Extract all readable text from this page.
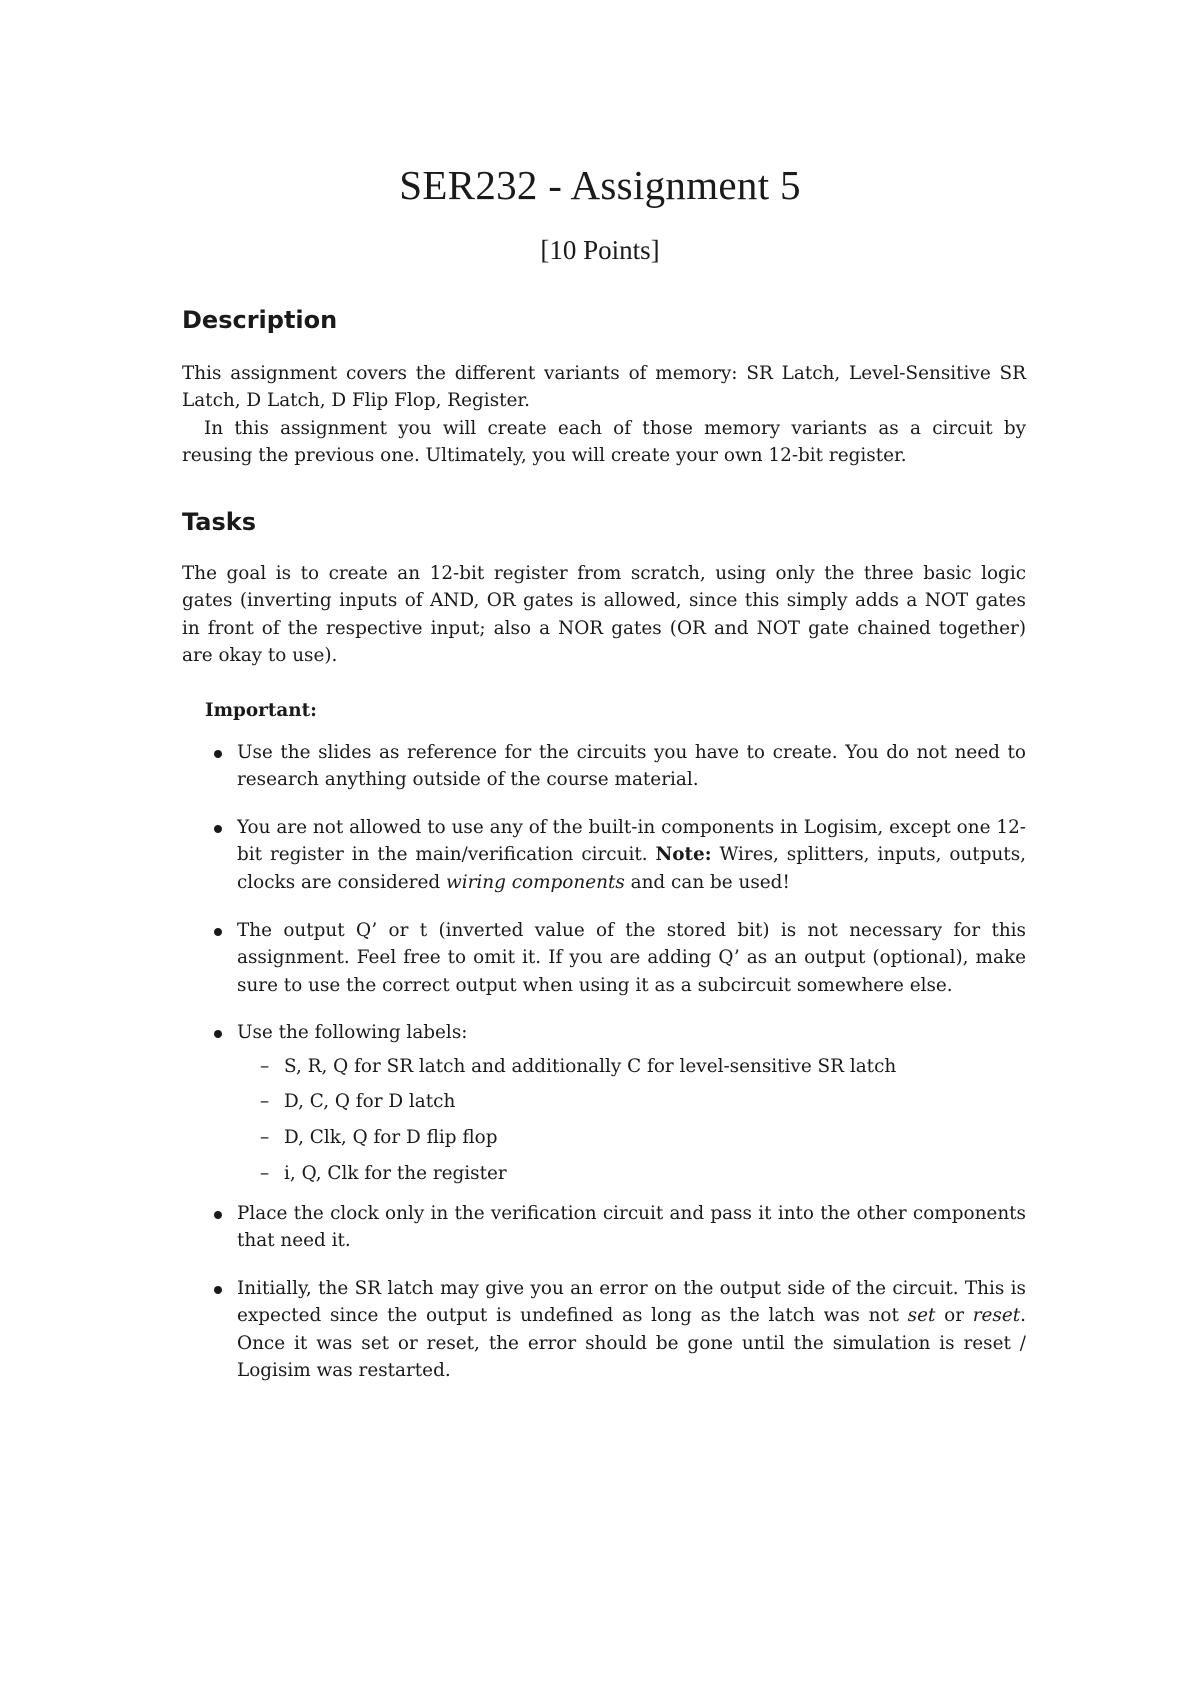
SER232 - Assignment 5
[10 Points]
Description

This assignment covers the different variants of memory: SR Latch, Level-Sensitive SR Latch, D Latch, D Flip Flop, Register.
In this assignment you will create each of those memory variants as a circuit by reusing the previous one. Ultimately, you will create your own 12-bit register.

Tasks

The goal is to create an 12-bit register from scratch, using only the three basic logic gates (inverting inputs of AND, OR gates is allowed, since this simply adds a NOT gates in front of the respective input; also a NOR gates (OR and NOT gate chained together) are okay to use).

Important:
Use the slides as reference for the circuits you have to create. You do not need to research anything outside of the course material.
You are not allowed to use any of the built-in components in Logisim, except one 12-bit register in the main/verification circuit. Note: Wires, splitters, inputs, outputs, clocks are considered wiring components and can be used!
The output Q’ or t (inverted value of the stored bit) is not necessary for this assignment. Feel free to omit it. If you are adding Q’ as an output (optional), make sure to use the correct output when using it as a subcircuit somewhere else.
Use the following labels:
– S, R, Q for SR latch and additionally C for level-sensitive SR latch
– D, C, Q for D latch
– D, Clk, Q for D flip flop
– i, Q, Clk for the register
Place the clock only in the verification circuit and pass it into the other components that need it.
Initially, the SR latch may give you an error on the output side of the circuit. This is expected since the output is undefined as long as the latch was not set or reset. Once it was set or reset, the error should be gone until the simulation is reset / Logisim was restarted.
